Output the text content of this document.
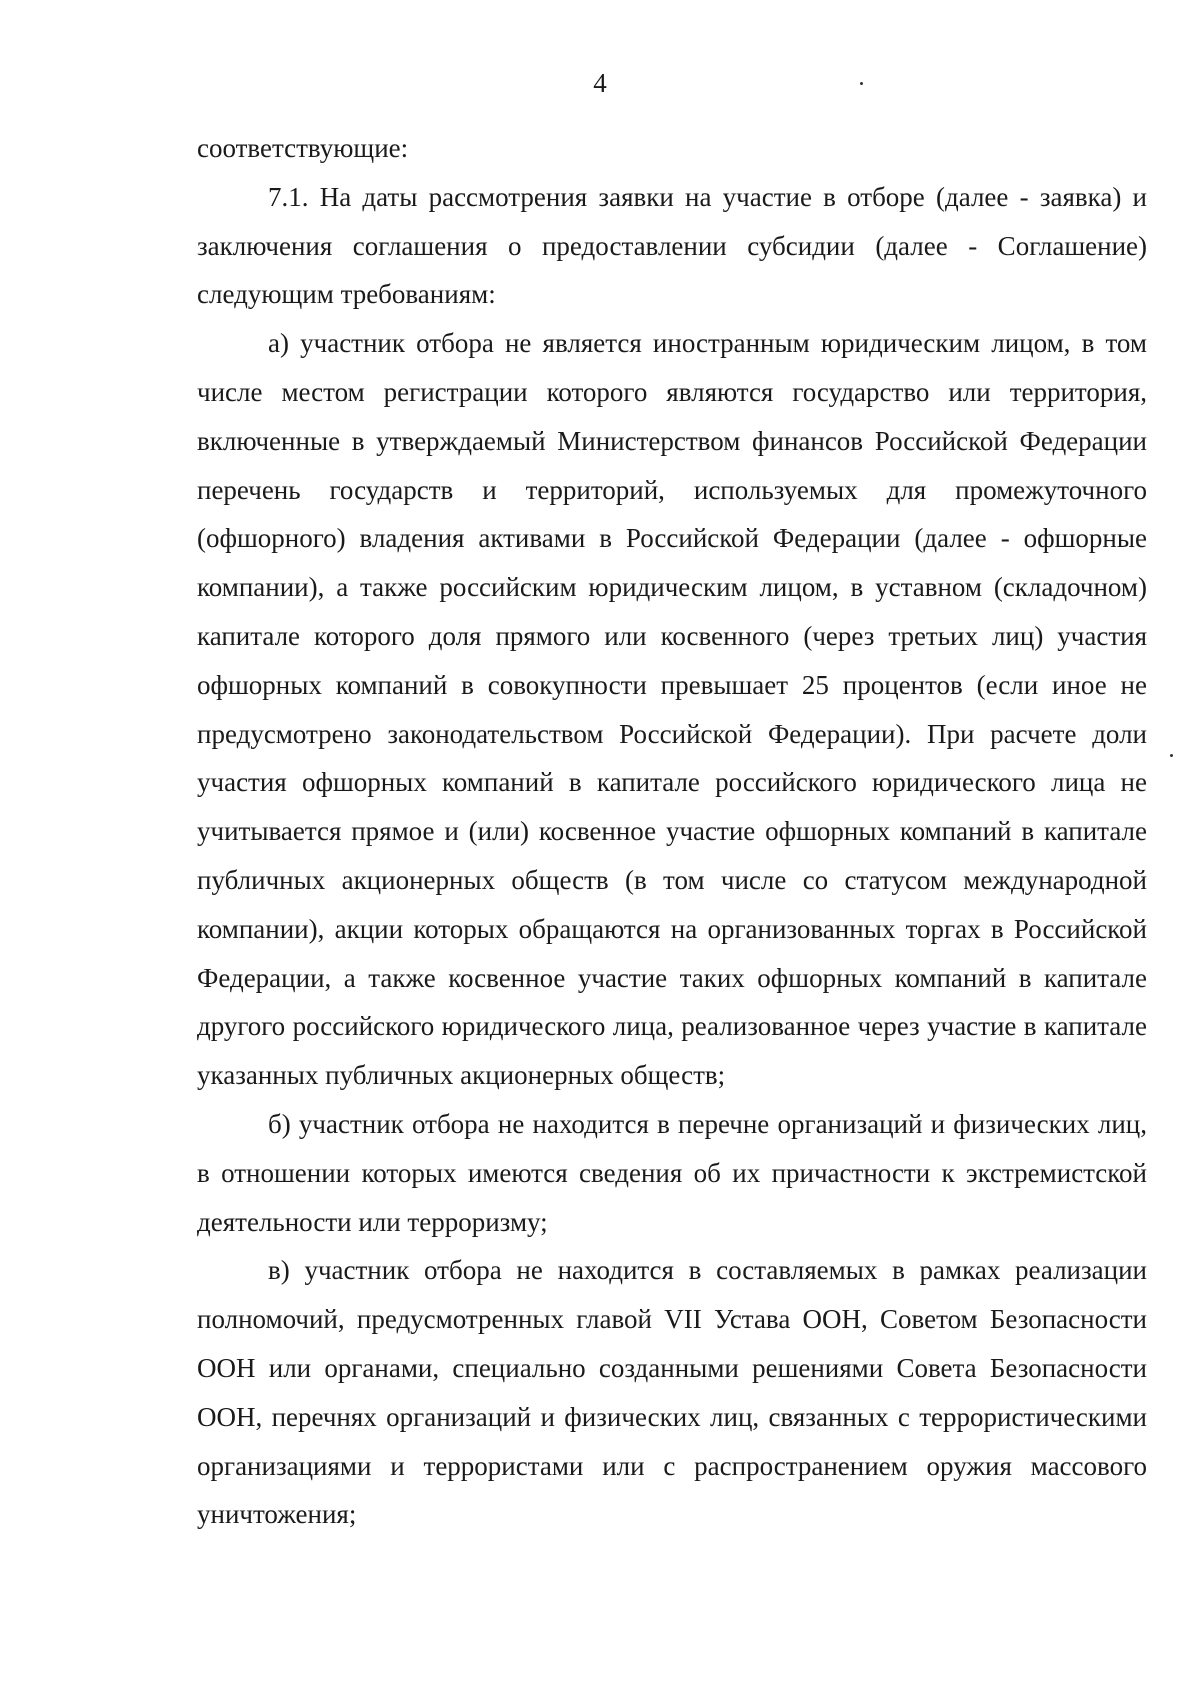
4

соответствующие:

7.1. На даты рассмотрения заявки на участие в отборе (далее - заявка) и заключения соглашения о предоставлении субсидии (далее - Соглашение) следующим требованиям:

а) участник отбора не является иностранным юридическим лицом, в том числе местом регистрации которого являются государство или территория, включенные в утверждаемый Министерством финансов Российской Федерации перечень государств и территорий, используемых для промежуточного (офшорного) владения активами в Российской Федерации (далее - офшорные компании), а также российским юридическим лицом, в уставном (складочном) капитале которого доля прямого или косвенного (через третьих лиц) участия офшорных компаний в совокупности превышает 25 процентов (если иное не предусмотрено законодательством Российской Федерации). При расчете доли участия офшорных компаний в капитале российского юридического лица не учитывается прямое и (или) косвенное участие офшорных компаний в капитале публичных акционерных обществ (в том числе со статусом международной компании), акции которых обращаются на организованных торгах в Российской Федерации, а также косвенное участие таких офшорных компаний в капитале другого российского юридического лица, реализованное через участие в капитале указанных публичных акционерных обществ;

б) участник отбора не находится в перечне организаций и физических лиц, в отношении которых имеются сведения об их причастности к экстремистской деятельности или терроризму;

в) участник отбора не находится в составляемых в рамках реализации полномочий, предусмотренных главой VII Устава ООН, Советом Безопасности ООН или органами, специально созданными решениями Совета Безопасности ООН, перечнях организаций и физических лиц, связанных с террористическими организациями и террористами или с распространением оружия массового уничтожения;
